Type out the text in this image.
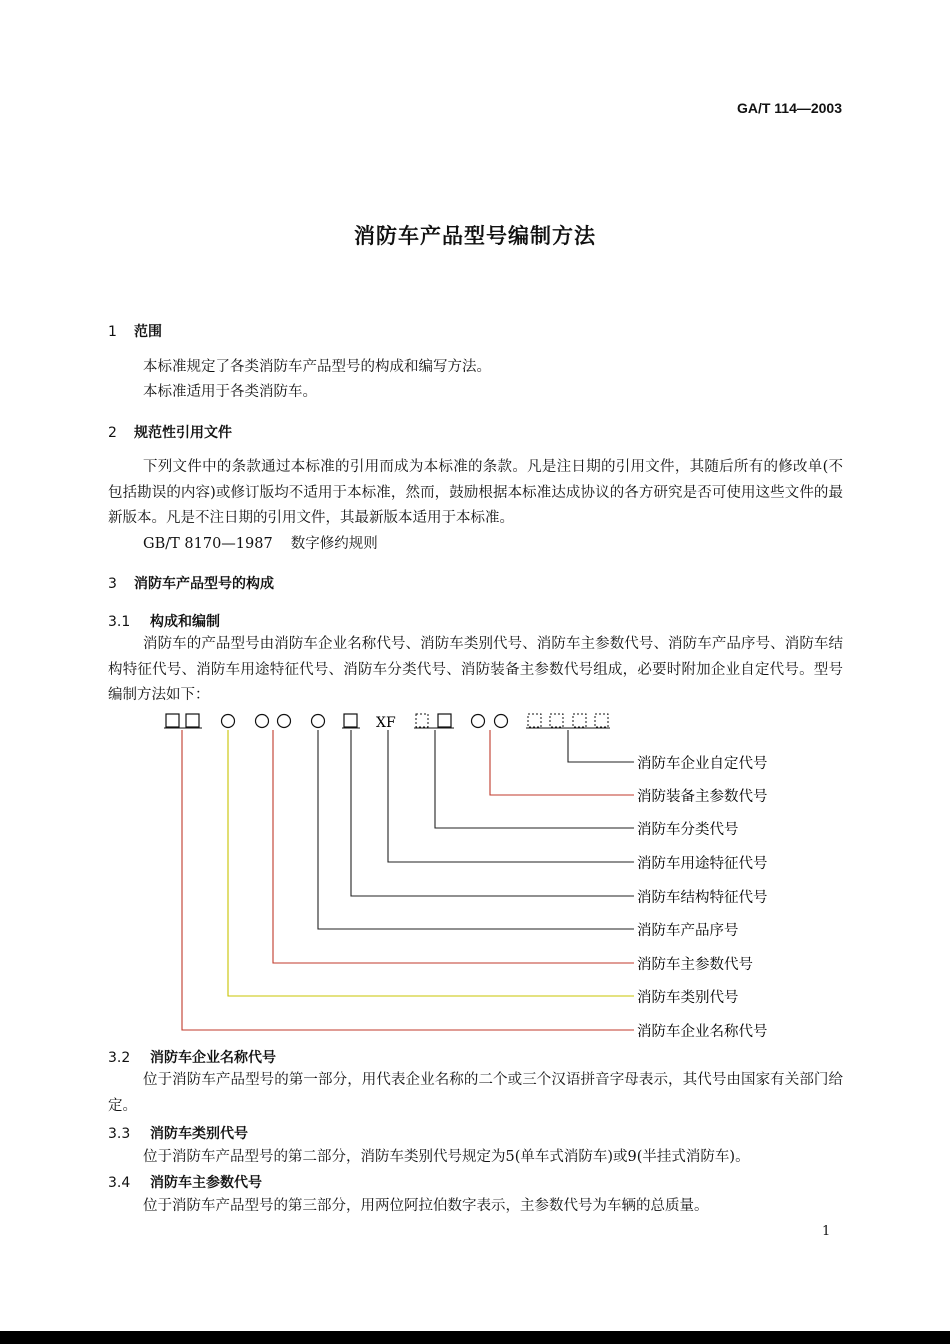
GA/T 114—2003
消防车产品型号编制方法
1 范围
本标准规定了各类消防车产品型号的构成和编写方法。
本标准适用于各类消防车。
2 规范性引用文件
下列文件中的条款通过本标准的引用而成为本标准的条款。凡是注日期的引用文件，其随后所有的修改单(不包括勘误的内容)或修订版均不适用于本标准，然而，鼓励根据本标准达成协议的各方研究是否可使用这些文件的最新版本。凡是不注日期的引用文件，其最新版本适用于本标准。
GB/T 8170—1987 数字修约规则
3 消防车产品型号的构成
3.1 构成和编制
消防车的产品型号由消防车企业名称代号、消防车类别代号、消防车主参数代号、消防车产品序号、消防车结构特征代号、消防车用途特征代号、消防车分类代号、消防装备主参数代号组成，必要时附加企业自定代号。型号编制方法如下：
XF
消防车企业自定代号
消防装备主参数代号
消防车分类代号
消防车用途特征代号
消防车结构特征代号
消防车产品序号
消防车主参数代号
消防车类别代号
消防车企业名称代号
3.2 消防车企业名称代号
位于消防车产品型号的第一部分，用代表企业名称的二个或三个汉语拼音字母表示，其代号由国家有关部门给定。
3.3 消防车类别代号
位于消防车产品型号的第二部分，消防车类别代号规定为5(单车式消防车)或9(半挂式消防车)。
3.4 消防车主参数代号
位于消防车产品型号的第三部分，用两位阿拉伯数字表示，主参数代号为车辆的总质量。
1
